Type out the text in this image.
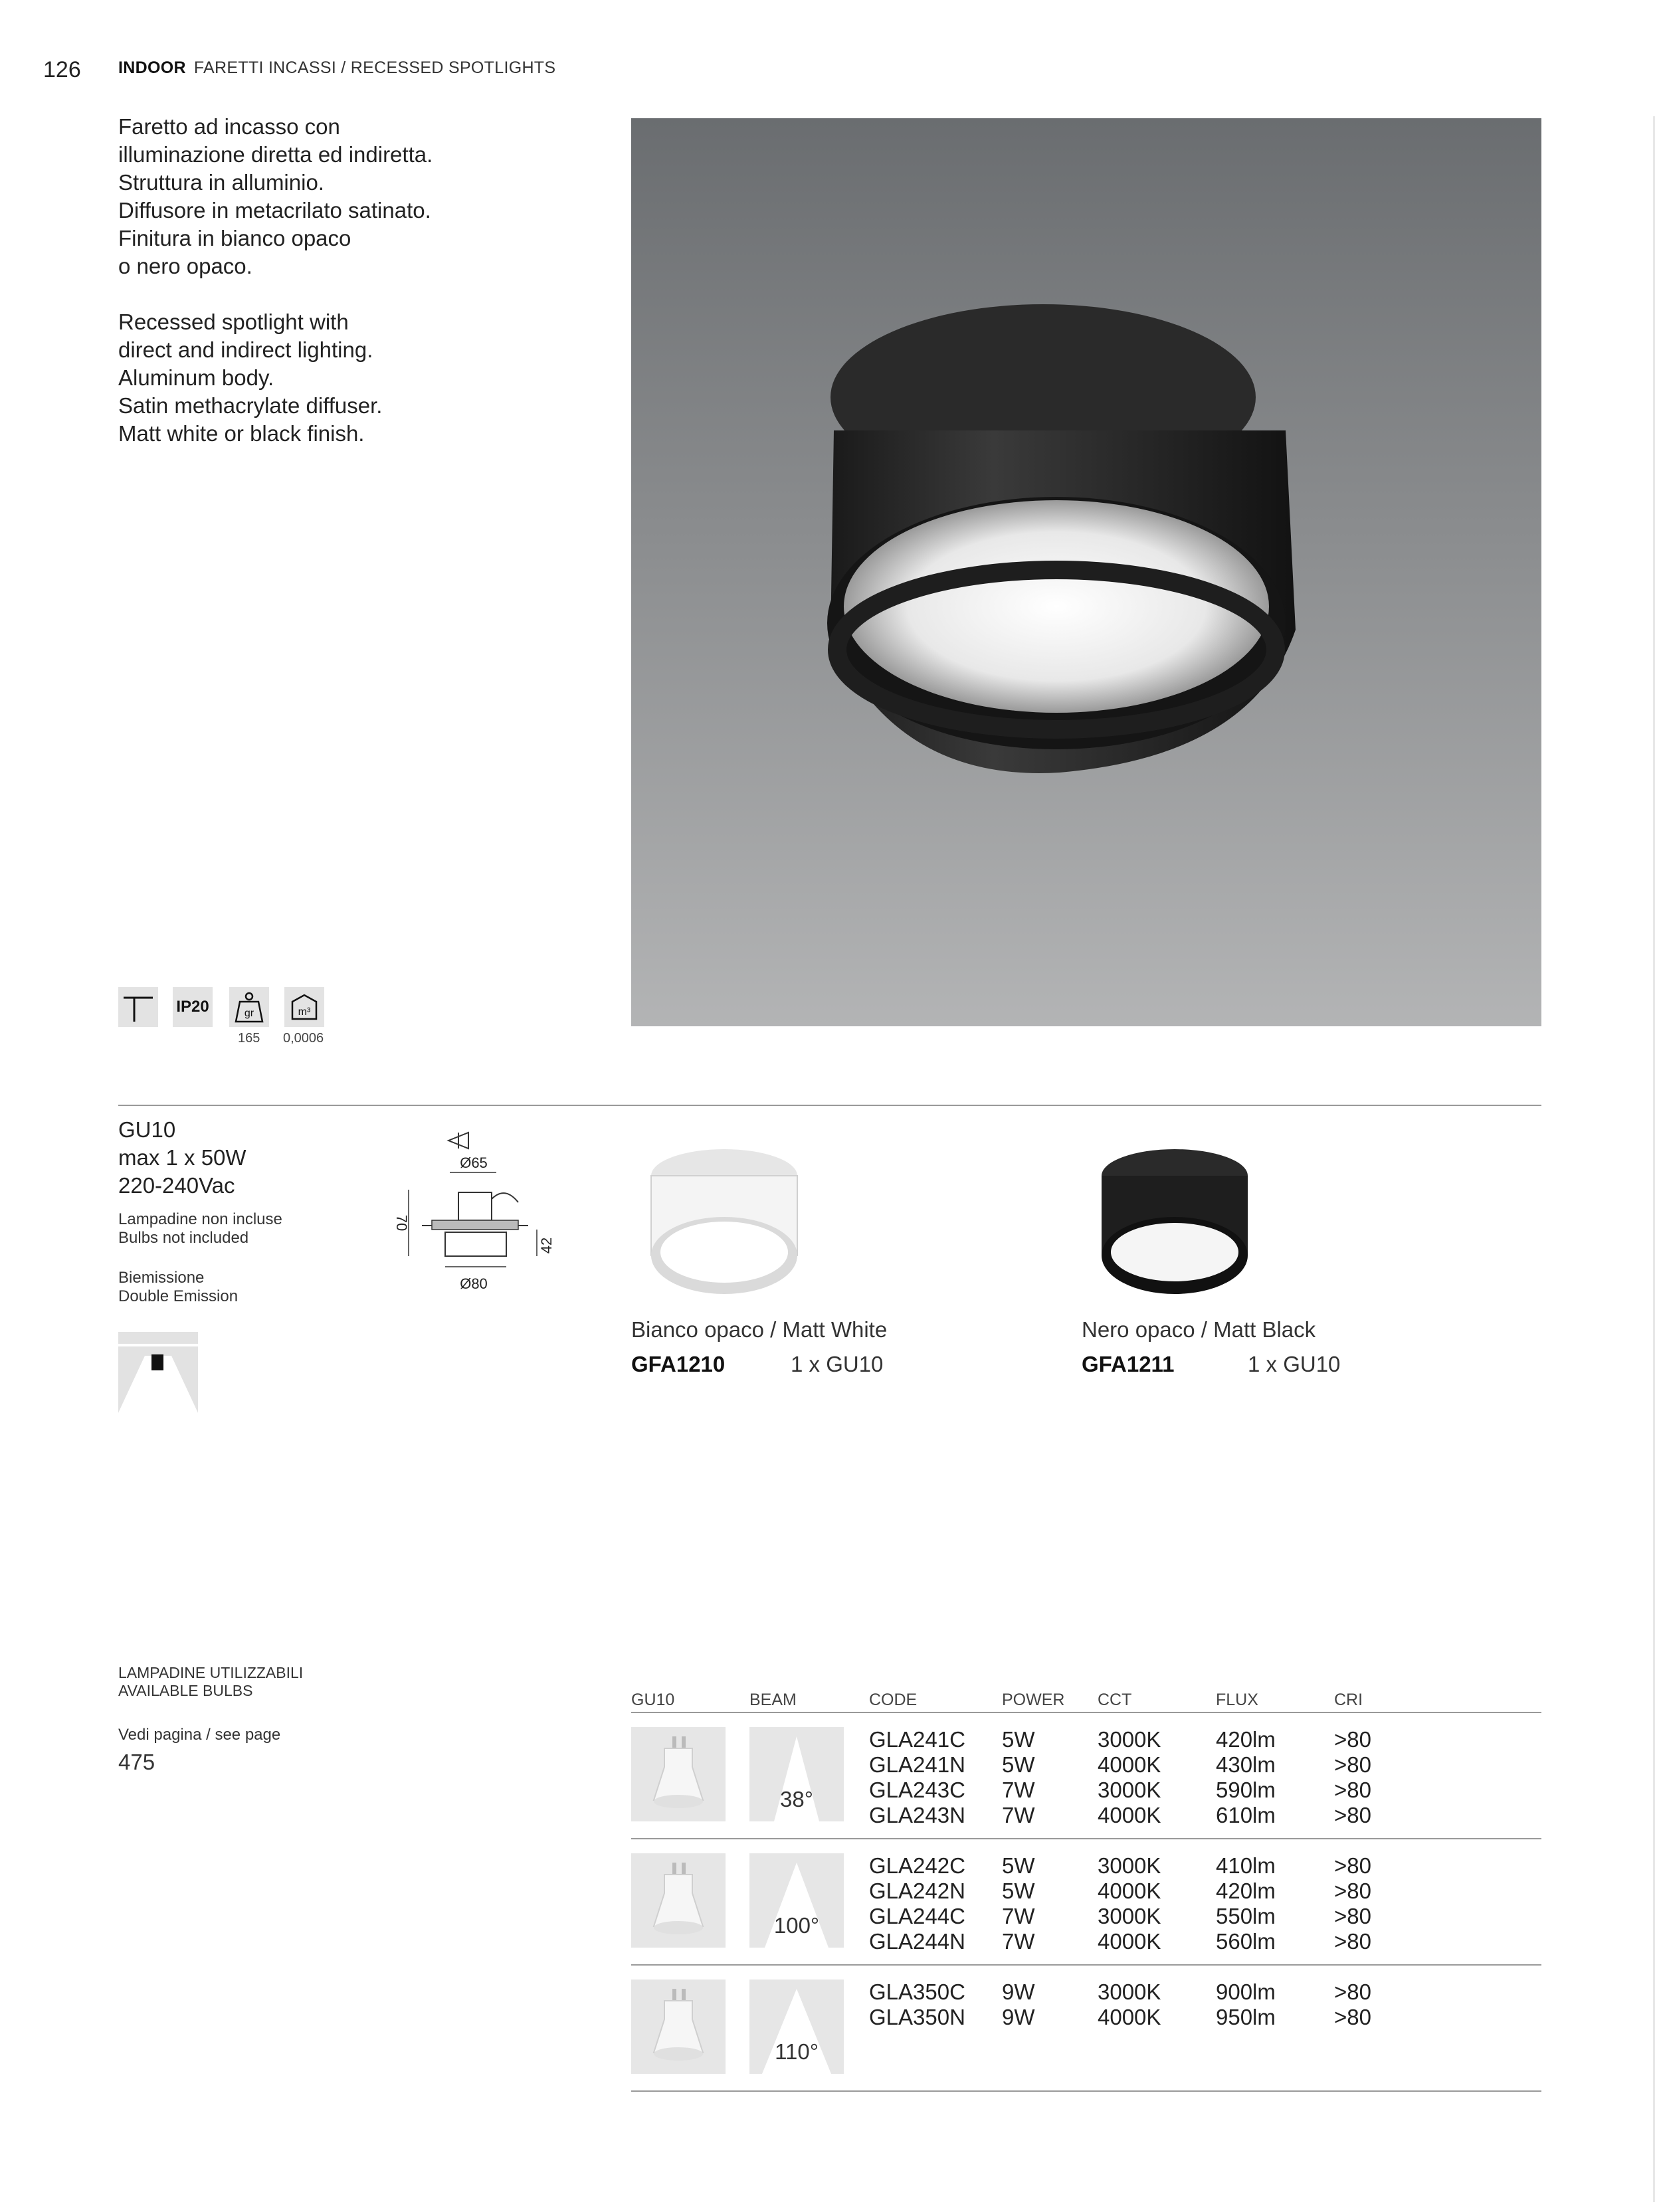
126 INDOOR FARETTI INCASSI / RECESSED SPOTLIGHTS

Faretto ad incasso con
illuminazione diretta ed indiretta.
Struttura in alluminio.
Diffusore in metacrilato satinato.
Finitura in bianco opaco
o nero opaco.

Recessed spotlight with
direct and indirect lighting.
Aluminum body.
Satin methacrylate diffuser.
Matt white or black finish.

IP20	gr	m³
165 0,0006
GU10
max 1 x 50W
220-240Vac
Lampadine non incluse
Bulbs not included
Biemissione
Double Emission
Ø65
Ø80
70
42
Bianco opaco / Matt White
GFA1210	1 x GU10
Nero opaco / Matt Black
GFA1211	1 x GU10
LAMPADINE UTILIZZABILI
AVAILABLE BULBS
Vedi pagina / see page
475
GU10	BEAM	CODE	POWER CCT	FLUX	CRI
38°
GLA241C 5W	3000K	420lm	>80
GLA241N 5W	4000K	430lm	>80
GLA243C 7W	3000K	590lm	>80
GLA243N 7W	4000K	610lm	>80
100°
GLA242C 5W	3000K	410lm	>80
GLA242N 5W	4000K	420lm	>80
GLA244C 7W	3000K	550lm	>80
GLA244N 7W	4000K	560lm	>80
110°
GLA350C 9W	3000K	900lm	>80
GLA350N 9W	4000K	950lm	>80
